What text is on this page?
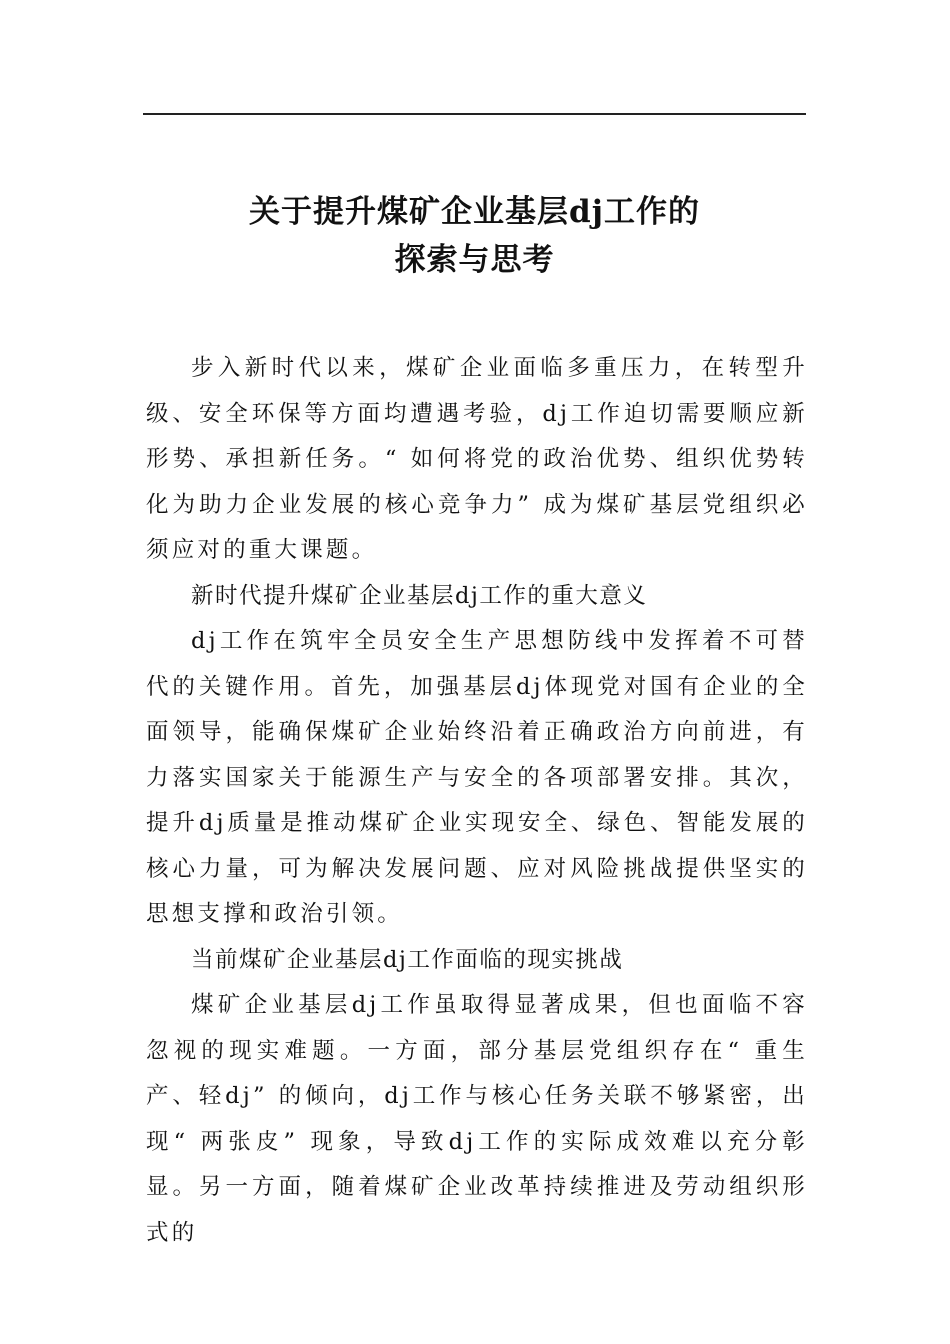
关于提升煤矿企业基层dj工作的
探索与思考

步入新时代以来，煤矿企业面临多重压力，在转型升级、安全环保等方面均遭遇考验，dj工作迫切需要顺应新形势、承担新任务。“ 如何将党的政治优势、组织优势转化为助力企业发展的核心竞争力” 成为煤矿基层党组织必须应对的重大课题。

新时代提升煤矿企业基层dj工作的重大意义

dj工作在筑牢全员安全生产思想防线中发挥着不可替代的关键作用。首先，加强基层dj体现党对国有企业的全面领导，能确保煤矿企业始终沿着正确政治方向前进，有力落实国家关于能源生产与安全的各项部署安排。其次，提升dj质量是推动煤矿企业实现安全、绿色、智能发展的核心力量，可为解决发展问题、应对风险挑战提供坚实的思想支撑和政治引领。

当前煤矿企业基层dj工作面临的现实挑战

煤矿企业基层dj工作虽取得显著成果，但也面临不容忽视的现实难题。一方面，部分基层党组织存在“ 重生产、轻dj” 的倾向，dj工作与核心任务关联不够紧密，出现“ 两张皮” 现象，导致dj工作的实际成效难以充分彰显。另一方面，随着煤矿企业改革持续推进及劳动组织形式的
